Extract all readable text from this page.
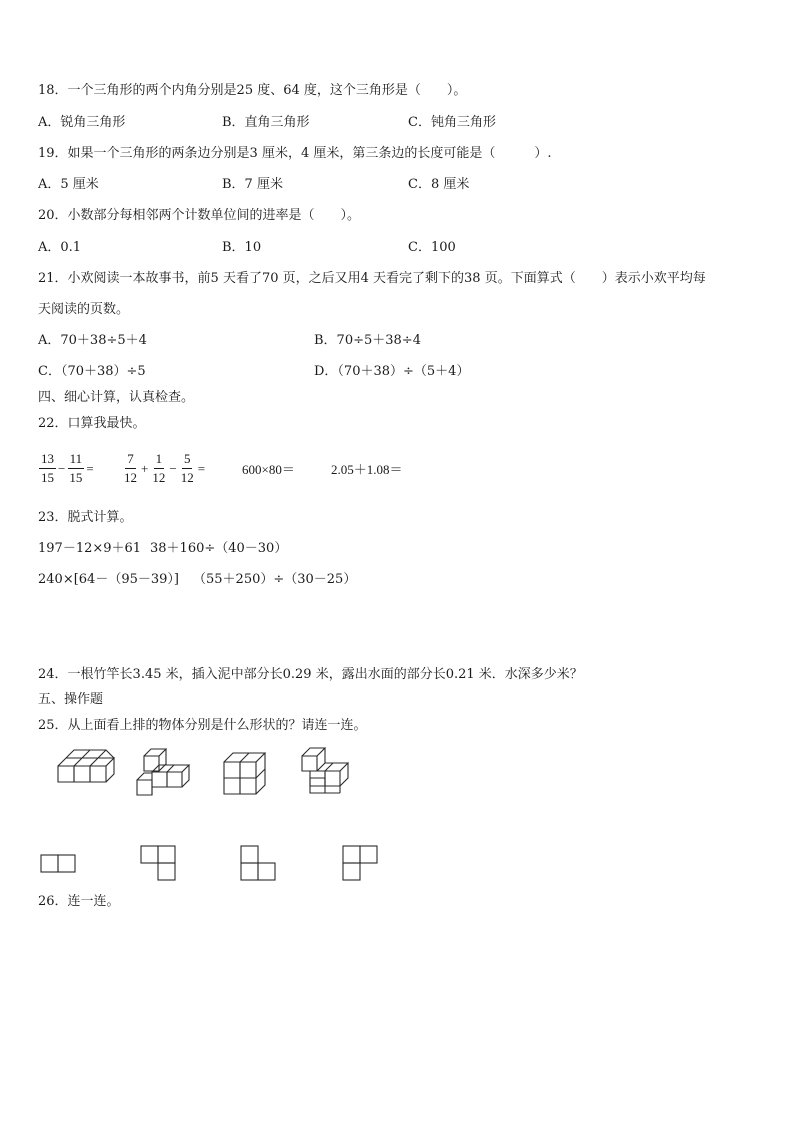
18．一个三角形的两个内角分别是25 度、64 度，这个三角形是（　　）。
A．锐角三角形	B．直角三角形	C．钝角三角形
19．如果一个三角形的两条边分别是3 厘米，4 厘米，第三条边的长度可能是（　　　）.
A．5 厘米	B．7 厘米	C．8 厘米
20．小数部分每相邻两个计数单位间的进率是（　　）。
A．0.1	B．10	C．100
21．小欢阅读一本故事书，前5 天看了70 页，之后又用4 天看完了剩下的38 页。下面算式（　　）表示小欢平均每
天阅读的页数。
A．70＋38÷5＋4	B．70÷5＋38÷4
C．（70＋38）÷5	D．（70＋38）÷（5＋4）
四、细心计算，认真检查。
22．口算我最快。
$\frac{13}{15} - \frac{11}{15} = \frac{7}{12} + \frac{1}{12} - \frac{5}{12}$ =	600×80＝	2.05＋1.08＝
23．脱式计算。
197－12×9＋61 38＋160÷（40－30）
240×[64－（95－39）] （55＋250）÷（30－25）
24．一根竹竿长3.45 米，插入泥中部分长0.29 米，露出水面的部分长0.21 米．水深多少米？
五、操作题
25．从上面看上排的物体分别是什么形状的？请连一连。
26．连一连。
